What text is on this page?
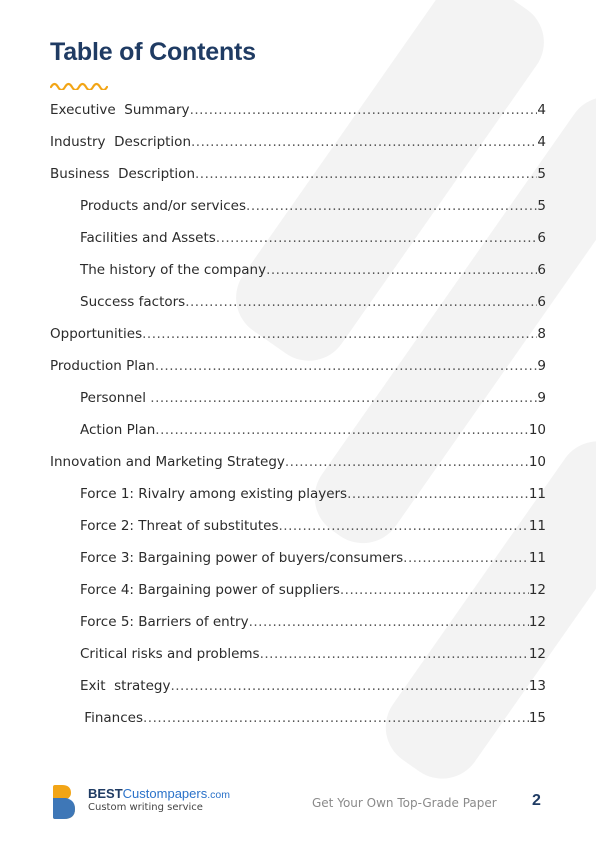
Table of Contents
Executive  Summary .....	4
Industry  Description .....	4
Business  Description .....	5
Products and/or services .....	5
Facilities and Assets .....	6
The history of the company .....	6
Success factors .....	6
Opportunities .....	8
Production Plan .....	9
Personnel .....	9
Action Plan .....	10
Innovation and Marketing Strategy .....	10
Force 1: Rivalry among existing players .....	11
Force 2: Threat of substitutes .....	11
Force 3: Bargaining power of buyers/consumers .....	11
Force 4: Bargaining power of suppliers .....	12
Force 5: Barriers of entry .....	12
Critical risks and problems .....	12
Exit  strategy .....	13
Finances .....	15
BESTCustompapers.com
Custom writing service	Get Your Own Top-Grade Paper 2
